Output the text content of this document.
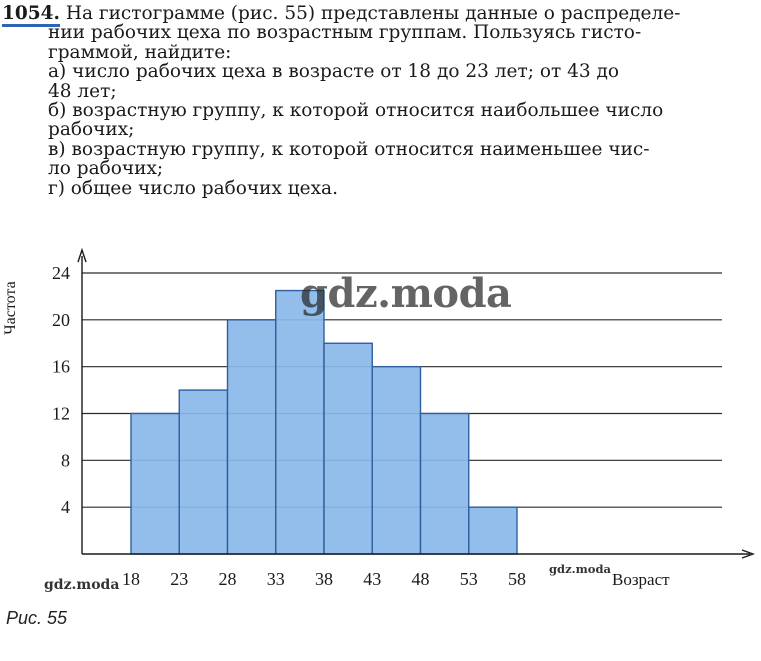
1054. На гистограмме (рис. 55) представлены данные о распределе-
нии рабочих цеха по возрастным группам. Пользуясь гисто-
граммой, найдите:
а) число рабочих цеха в возрасте от 18 до 23 лет; от 43 до
48 лет;
б) возрастную группу, к которой относится наибольшее число
рабочих;
в) возрастную группу, к которой относится наименьшее чис-
ло рабочих;
г) общее число рабочих цеха.
4
8
12
16
20
24
18 23 28 33 38 43 48 53 58
Частота
Возраст
gdz.moda
gdz.moda
gdz.moda
Рис. 55
